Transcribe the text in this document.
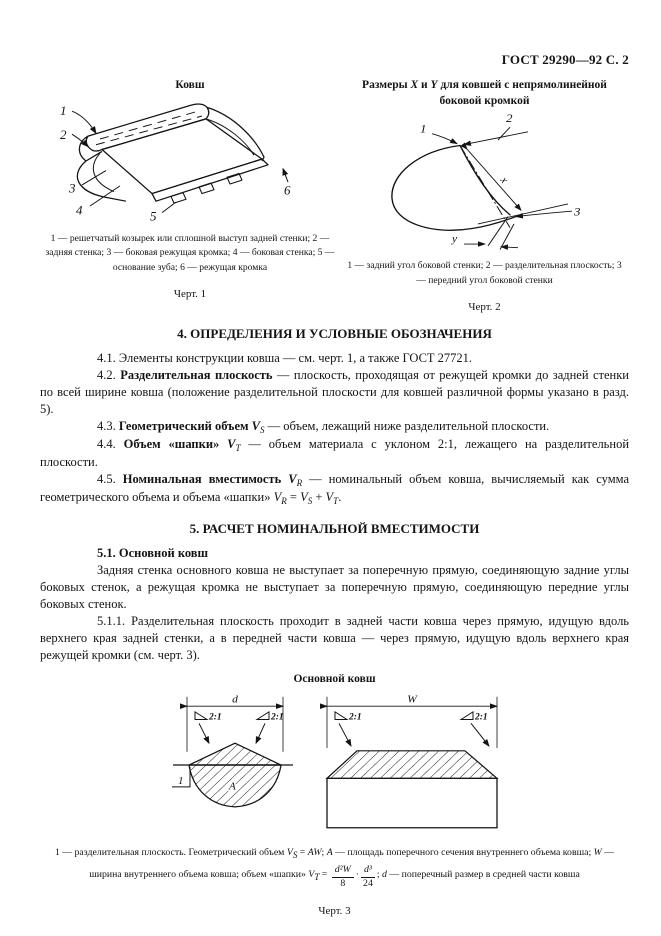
ГОСТ 29290—92 С. 2
Ковш
1
2
3
4	5
6
1 — решетчатый козырек или сплошной выступ задней стенки; 2 — задняя стенка; 3 — боковая режущая кромка; 4 — боковая стенка; 5 — основание зуба; 6 — режущая кромка
Черт. 1
Размеры X и Y для ковшей с непрямолинейной боковой кромкой
1
2
3
x
y
1 — задний угол боковой стенки; 2 — разделительная плоскость; 3 — передний угол боковой стенки
Черт. 2
4. ОПРЕДЕЛЕНИЯ И УСЛОВНЫЕ ОБОЗНАЧЕНИЯ

4.1. Элементы конструкции ковша — см. черт. 1, а также ГОСТ 27721.

4.2. Разделительная плоскость — плоскость, проходящая от режущей кромки до задней стенки по всей ширине ковша (положение разделительной плоскости для ковшей различной формы указано в разд. 5).

4.3. Геометрический объем $V_S$ — объем, лежащий ниже разделительной плоскости.

4.4. Объем «шапки» $V_T$ — объем материала с уклоном 2:1, лежащего на разделительной плоскости.

4.5. Номинальная вместимость $V_R$ — номинальный объем ковша, вычисляемый как сумма геометрического объема и объема «шапки» $V_R = V_S + V_T$.

5. РАСЧЕТ НОМИНАЛЬНОЙ ВМЕСТИМОСТИ

5.1. Основной ковш

Задняя стенка основного ковша не выступает за поперечную прямую, соединяющую задние углы боковых стенок, а режущая кромка не выступает за поперечную прямую, соединяющую передние углы боковых стенок.

5.1.1. Разделительная плоскость проходит в задней части ковша через прямую, идущую вдоль верхнего края задней стенки, а в передней части ковша — через прямую, идущую вдоль верхнего края режущей кромки (см. черт. 3).

Основной ковш
d	W
2:1	2:1	2:1	2:1
1	A
1 — разделительная плоскость. Геометрический объем VS = AW; A — площадь поперечного сечения внутреннего объема ковша; W — ширина внутреннего объема ковша; объем «шапки» VT = $\frac{\text{d²W}}{8} \cdot \frac{\text{d³}}{24}$ ; d — поперечный размер в средней части ковша
Черт. 3
